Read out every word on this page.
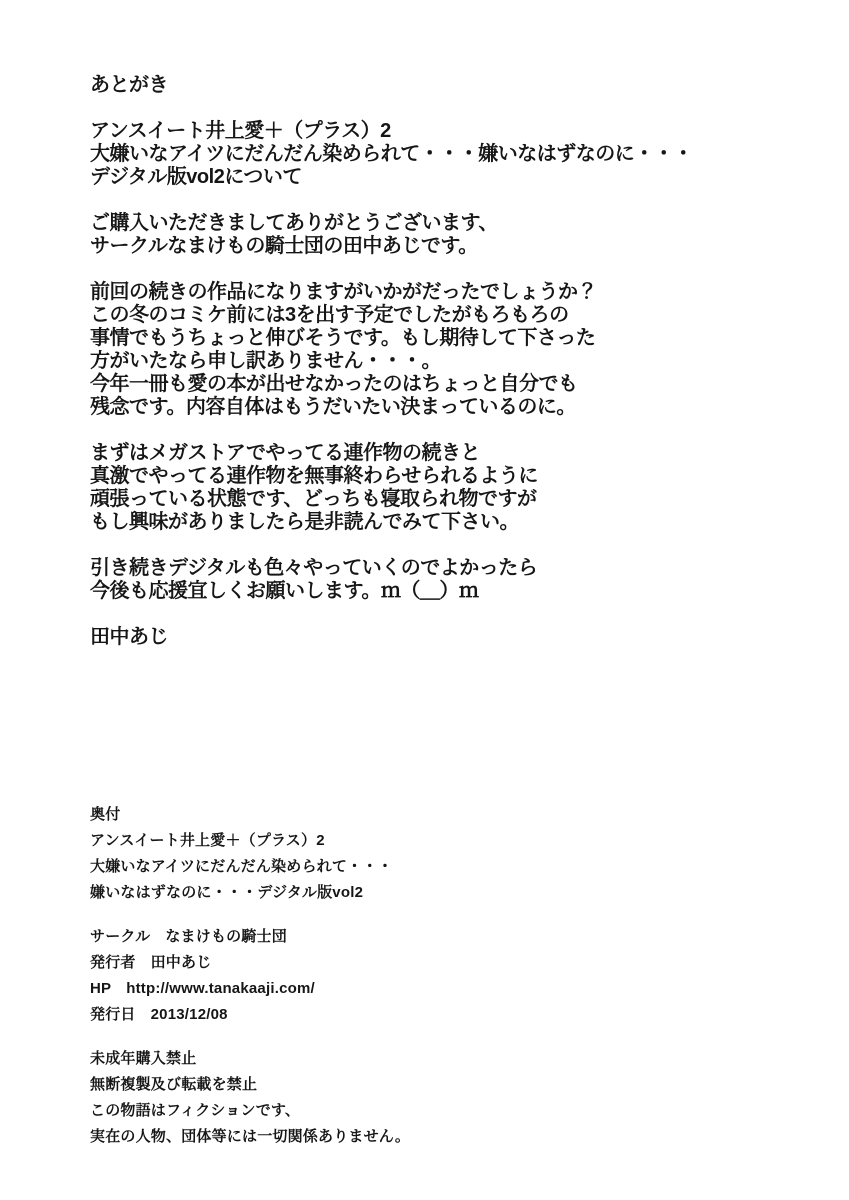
あとがき
アンスイート井上愛＋（プラス）2
大嫌いなアイツにだんだん染められて・・・嫌いなはずなのに・・・
デジタル版vol2について
ご購入いただきましてありがとうございます、
サークルなまけもの騎士団の田中あじです。
前回の続きの作品になりますがいかがだったでしょうか？
この冬のコミケ前には3を出す予定でしたがもろもろの
事情でもうちょっと伸びそうです。もし期待して下さった
方がいたなら申し訳ありません・・・。
今年一冊も愛の本が出せなかったのはちょっと自分でも
残念です。内容自体はもうだいたい決まっているのに。
まずはメガストアでやってる連作物の続きと
真激でやってる連作物を無事終わらせられるように
頑張っている状態です、どっちも寝取られ物ですが
もし興味がありましたら是非読んでみて下さい。
引き続きデジタルも色々やっていくのでよかったら
今後も応援宜しくお願いします。ｍ（＿）ｍ
田中あじ
奥付
アンスイート井上愛＋（プラス）2
大嫌いなアイツにだんだん染められて・・・
嫌いなはずなのに・・・デジタル版vol2
サークル なまけもの騎士団
発行者 田中あじ
HP http://www.tanakaaji.com/
発行日 2013/12/08
未成年購入禁止
無断複製及び転載を禁止
この物語はフィクションです、
実在の人物、団体等には一切関係ありません。
